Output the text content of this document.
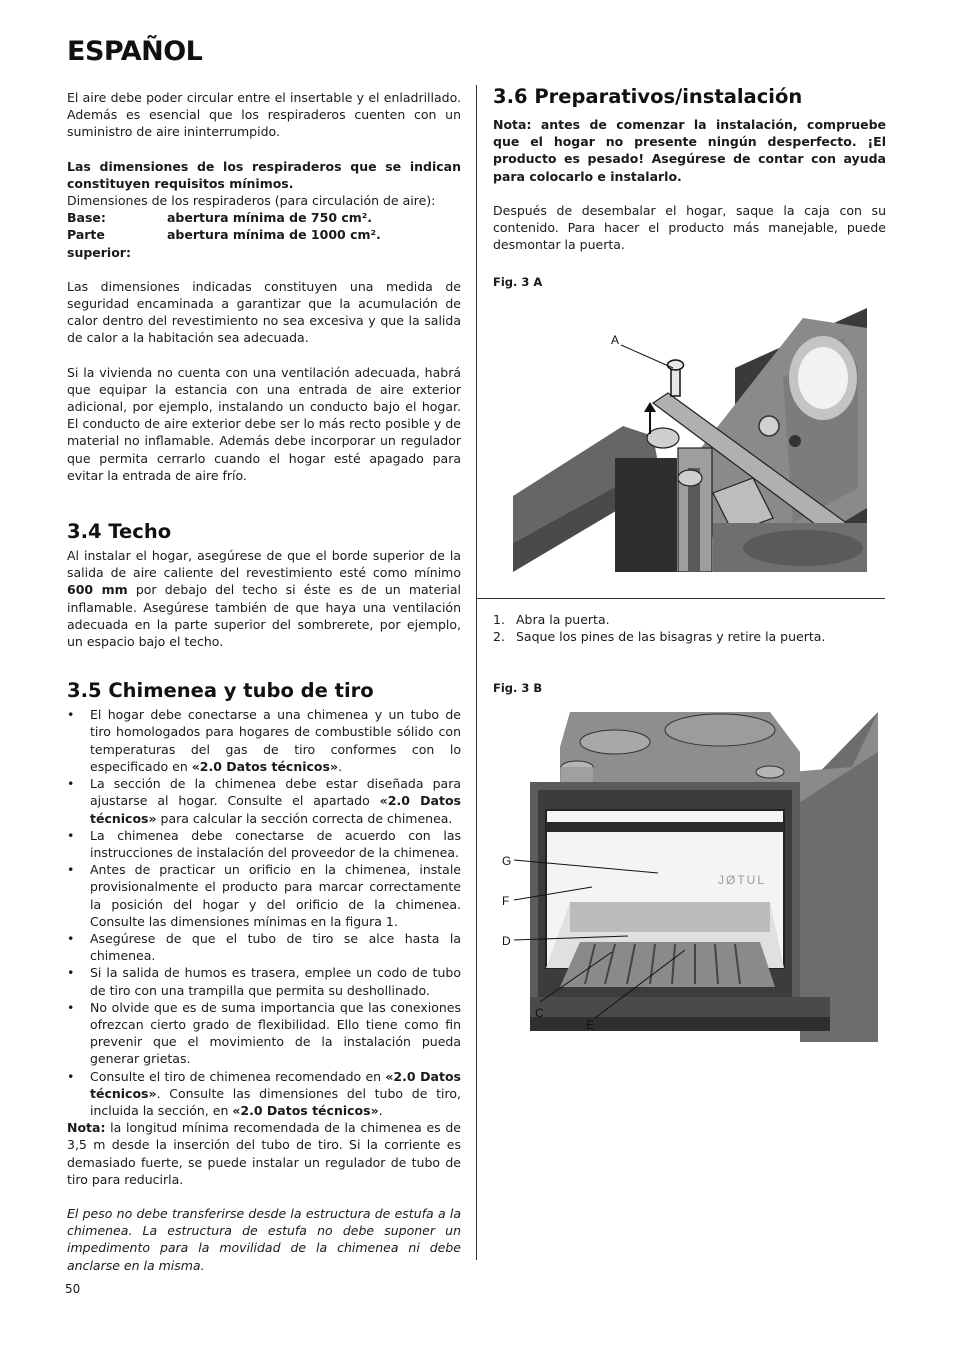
ESPAÑOL

El aire debe poder circular entre el insertable y el enladrillado. Además es esencial que los respiraderos cuenten con un suministro de aire ininterrumpido.

Las dimensiones de los respiraderos que se indican constituyen requisitos mínimos.

Dimensiones de los respiraderos (para circulación de aire):
Base:	abertura mínima de 750 cm².
Parte superior:
abertura mínima de 1000 cm².

Las dimensiones indicadas constituyen una medida de seguridad encaminada a garantizar que la acumulación de calor dentro del revestimiento no sea excesiva y que la salida de calor a la habitación sea adecuada.

Si la vivienda no cuenta con una ventilación adecuada, habrá que equipar la estancia con una entrada de aire exterior adicional, por ejemplo, instalando un conducto bajo el hogar. El conducto de aire exterior debe ser lo más recto posible y de material no inflamable. Además debe incorporar un regulador que permita cerrarlo cuando el hogar esté apagado para evitar la entrada de aire frío.

3.4 Techo

Al instalar el hogar, asegúrese de que el borde superior de la salida de aire caliente del revestimiento esté como mínimo 600 mm por debajo del techo si éste es de un material inflamable. Asegúrese también de que haya una ventilación adecuada en la parte superior del sombrerete, por ejemplo, un espacio bajo el techo.

3.5 Chimenea y tubo de tiro
• El hogar debe conectarse a una chimenea y un tubo de tiro homologados para hogares de combustible sólido con temperaturas del gas de tiro conformes con lo especificado en «2.0 Datos técnicos».
• La sección de la chimenea debe estar diseñada para ajustarse al hogar. Consulte el apartado «2.0 Datos técnicos» para calcular la sección correcta de chimenea.
• La chimenea debe conectarse de acuerdo con las instrucciones de instalación del proveedor de la chimenea.
• Antes de practicar un orificio en la chimenea, instale provisionalmente el producto para marcar correctamente la posición del hogar y del orificio de la chimenea. Consulte las dimensiones mínimas en la figura 1.
• Asegúrese de que el tubo de tiro se alce hasta la chimenea.
• Si la salida de humos es trasera, emplee un codo de tubo de tiro con una trampilla que permita su deshollinado.
• No olvide que es de suma importancia que las conexiones ofrezcan cierto grado de flexibilidad. Ello tiene como fin prevenir que el movimiento de la instalación pueda generar grietas.
• Consulte el tiro de chimenea recomendado en «2.0 Datos técnicos». Consulte las dimensiones del tubo de tiro, incluida la sección, en «2.0 Datos técnicos».

Nota: la longitud mínima recomendada de la chimenea es de 3,5 m desde la inserción del tubo de tiro. Si la corriente es demasiado fuerte, se puede instalar un regulador de tubo de tiro para reducirla.

El peso no debe transferirse desde la estructura de estufa a la chimenea. La estructura de estufa no debe suponer un impedimento para la movilidad de la chimenea ni debe anclarse en la misma.

3.6 Preparativos/instalación

Nota: antes de comenzar la instalación, compruebe que el hogar no presente ningún desperfecto. ¡El producto es pesado! Asegúrese de contar con ayuda para colocarlo e instalarlo.

Después de desembalar el hogar, saque la caja con su contenido. Para hacer el producto más manejable, puede desmontar la puerta.

Fig. 3 A
A
1. Abra la puerta.
2. Saque los pines de las bisagras y retire la puerta.
Fig. 3 B
JØTUL
G
F
D
C
E
50
